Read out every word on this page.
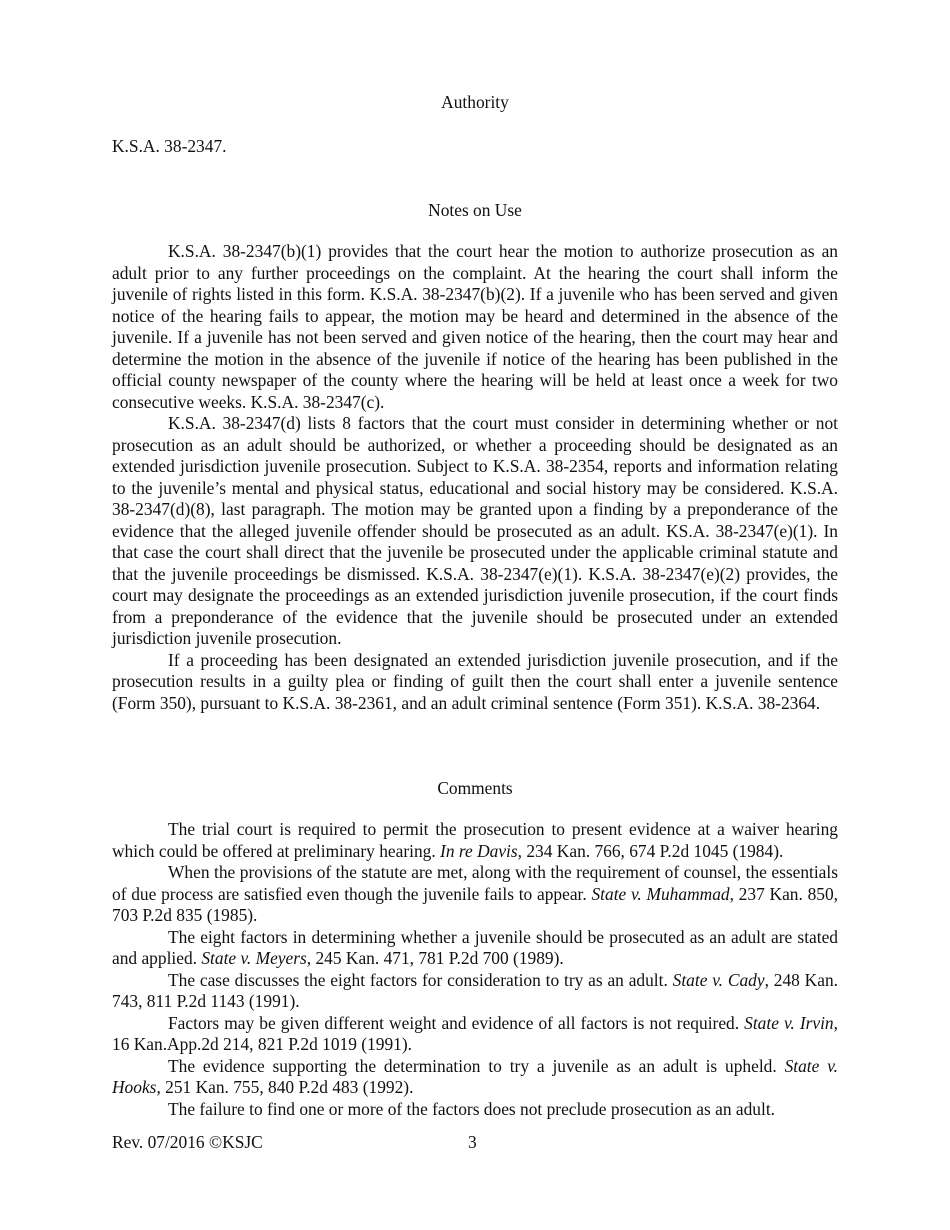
Authority
K.S.A. 38-2347.
Notes on Use

K.S.A. 38-2347(b)(1) provides that the court hear the motion to authorize prosecution as an adult prior to any further proceedings on the complaint. At the hearing the court shall inform the juvenile of rights listed in this form. K.S.A. 38-2347(b)(2). If a juvenile who has been served and given notice of the hearing fails to appear, the motion may be heard and determined in the absence of the juvenile. If a juvenile has not been served and given notice of the hearing, then the court may hear and determine the motion in the absence of the juvenile if notice of the hearing has been published in the official county newspaper of the county where the hearing will be held at least once a week for two consecutive weeks. K.S.A. 38-2347(c).

K.S.A. 38-2347(d) lists 8 factors that the court must consider in determining whether or not prosecution as an adult should be authorized, or whether a proceeding should be designated as an extended jurisdiction juvenile prosecution. Subject to K.S.A. 38-2354, reports and information relating to the juvenile’s mental and physical status, educational and social history may be considered. K.S.A. 38-2347(d)(8), last paragraph. The motion may be granted upon a finding by a preponderance of the evidence that the alleged juvenile offender should be prosecuted as an adult. KS.A. 38-2347(e)(1). In that case the court shall direct that the juvenile be prosecuted under the applicable criminal statute and that the juvenile proceedings be dismissed. K.S.A. 38-2347(e)(1). K.S.A. 38-2347(e)(2) provides, the court may designate the proceedings as an extended jurisdiction juvenile prosecution, if the court finds from a preponderance of the evidence that the juvenile should be prosecuted under an extended jurisdiction juvenile prosecution.

If a proceeding has been designated an extended jurisdiction juvenile prosecution, and if the prosecution results in a guilty plea or finding of guilt then the court shall enter a juvenile sentence (Form 350), pursuant to K.S.A. 38-2361, and an adult criminal sentence (Form 351). K.S.A. 38-2364.

Comments

The trial court is required to permit the prosecution to present evidence at a waiver hearing which could be offered at preliminary hearing. In re Davis, 234 Kan. 766, 674 P.2d 1045 (1984).

When the provisions of the statute are met, along with the requirement of counsel, the essentials of due process are satisfied even though the juvenile fails to appear. State v. Muhammad, 237 Kan. 850, 703 P.2d 835 (1985).

The eight factors in determining whether a juvenile should be prosecuted as an adult are stated and applied. State v. Meyers, 245 Kan. 471, 781 P.2d 700 (1989).

The case discusses the eight factors for consideration to try as an adult. State v. Cady, 248 Kan. 743, 811 P.2d 1143 (1991).

Factors may be given different weight and evidence of all factors is not required. State v. Irvin, 16 Kan.App.2d 214, 821 P.2d 1019 (1991).

The evidence supporting the determination to try a juvenile as an adult is upheld. State v. Hooks, 251 Kan. 755, 840 P.2d 483 (1992).

The failure to find one or more of the factors does not preclude prosecution as an adult.

Rev. 07/2016 ©KSJC	3
